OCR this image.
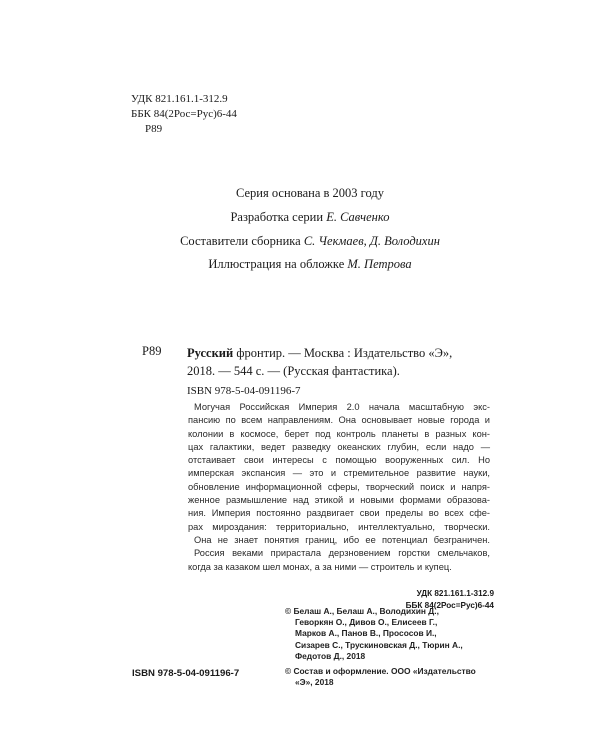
УДК 821.161.1-312.9
ББК 84(2Рос=Рус)6-44
Р89
Серия основана в 2003 году
Разработка серии Е. Савченко
Составители сборника С. Чекмаев, Д. Володихин
Иллюстрация на обложке М. Петрова
Р89 Русский фронтир. — Москва : Издательство «Э»,
2018. — 544 с. — (Русская фантастика).
ISBN 978-5-04-091196-7
Могучая Российская Империя 2.0 начала масштабную экс-
пансию по всем направлениям. Она основывает новые города и
колонии в космосе, берет под контроль планеты в разных кон-
цах галактики, ведет разведку океанских глубин, если надо —
отстаивает свои интересы с помощью вооруженных сил. Но
имперская экспансия — это и стремительное развитие науки,
обновление информационной сферы, творческий поиск и напря-
женное размышление над этикой и новыми формами образова-
ния. Империя постоянно раздвигает свои пределы во всех сфе-
рах мироздания: территориально, интеллектуально, творчески.
Она не знает понятия границ, ибо ее потенциал безграничен.
Россия веками прирастала дерзновением горстки смельчаков,
когда за казаком шел монах, а за ними — строитель и купец.
УДК 821.161.1-312.9
ББК 84(2Рос=Рус)6-44
© Белаш А., Белаш А., Володихин Д.,
Геворкян О., Дивов О., Елисеев Г.,
Марков А., Панов В., Прососов И.,
Сизарев С., Трускиновская Д., Тюрин А.,
Федотов Д., 2018
© Состав и оформление. ООО «Издательство
«Э», 2018
ISBN 978-5-04-091196-7
